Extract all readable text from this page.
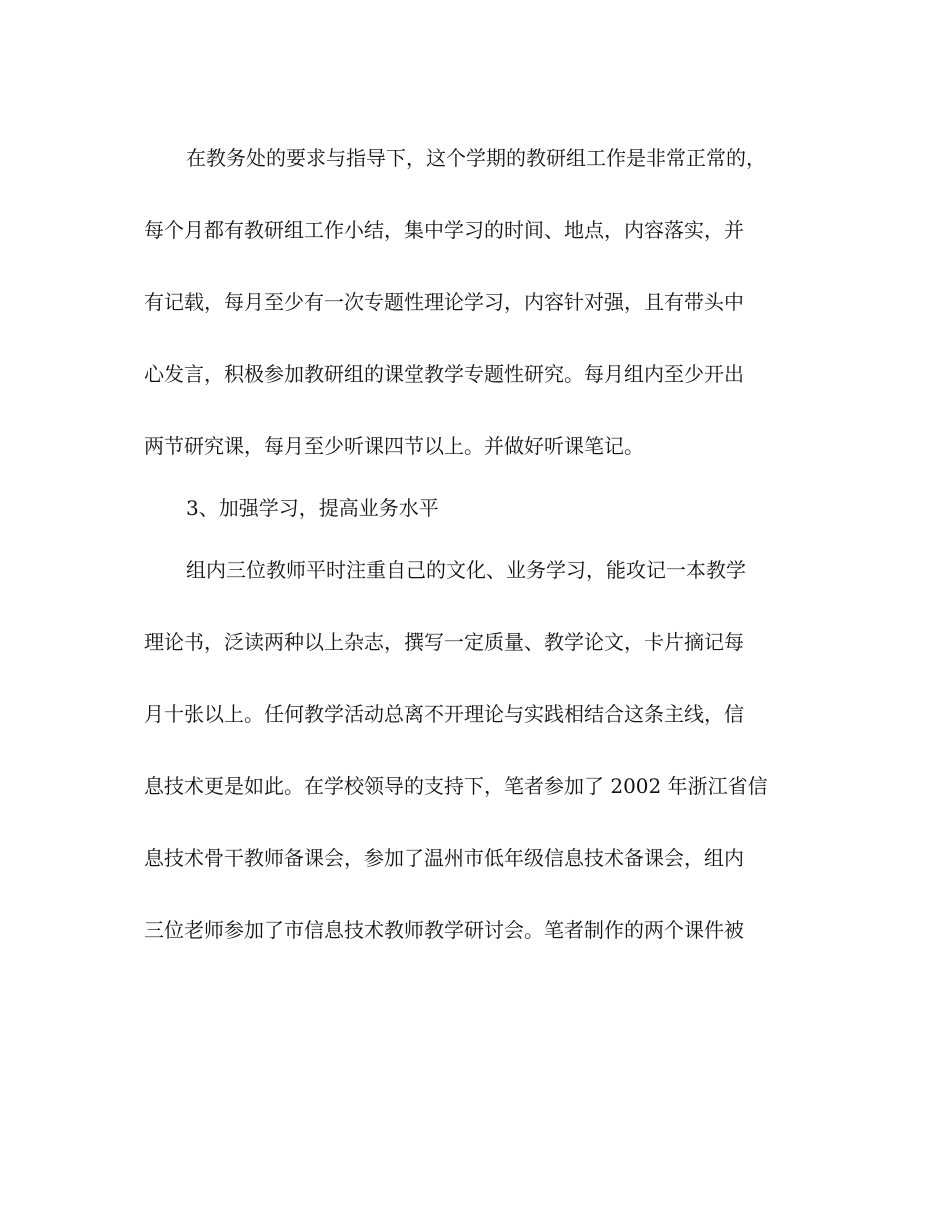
在教务处的要求与指导下，这个学期的教研组工作是非常正常的，

每个月都有教研组工作小结，集中学习的时间、地点，内容落实，并

有记载，每月至少有一次专题性理论学习，内容针对强，且有带头中

心发言，积极参加教研组的课堂教学专题性研究。每月组内至少开出

两节研究课，每月至少听课四节以上。并做好听课笔记。

3、加强学习，提高业务水平

组内三位教师平时注重自己的文化、业务学习，能攻记一本教学

理论书，泛读两种以上杂志，撰写一定质量、教学论文，卡片摘记每

月十张以上。任何教学活动总离不开理论与实践相结合这条主线，信

息技术更是如此。在学校领导的支持下，笔者参加了 2002 年浙江省信

息技术骨干教师备课会，参加了温州市低年级信息技术备课会，组内

三位老师参加了市信息技术教师教学研讨会。笔者制作的两个课件被
